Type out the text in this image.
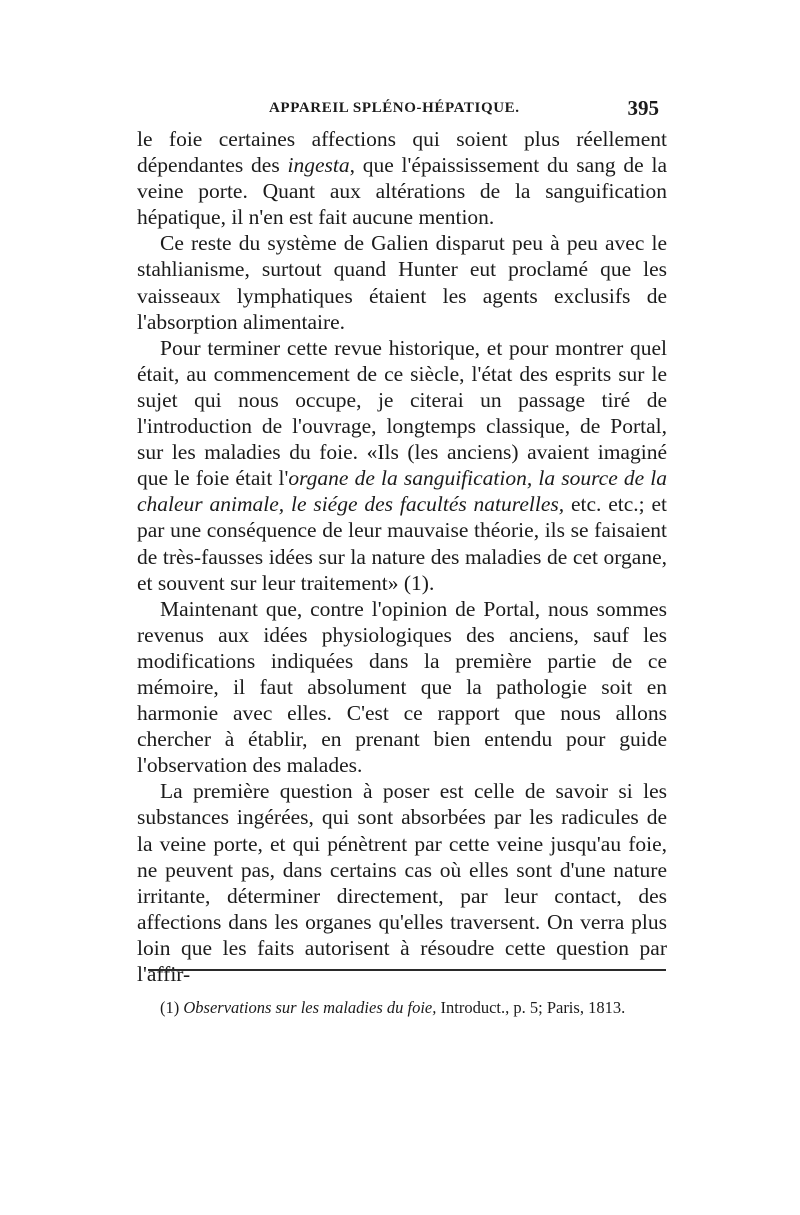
APPAREIL SPLÉNO-HÉPATIQUE.	395

le foie certaines affections qui soient plus réellement dépendantes des ingesta, que l'épaississement du sang de la veine porte. Quant aux altérations de la sanguification hépatique, il n'en est fait aucune mention.

Ce reste du système de Galien disparut peu à peu avec le stahlianisme, surtout quand Hunter eut proclamé que les vaisseaux lymphatiques étaient les agents exclusifs de l'absorption alimentaire.

Pour terminer cette revue historique, et pour montrer quel était, au commencement de ce siècle, l'état des esprits sur le sujet qui nous occupe, je citerai un passage tiré de l'introduction de l'ouvrage, longtemps classique, de Portal, sur les maladies du foie. «Ils (les anciens) avaient imaginé que le foie était l'organe de la sanguification, la source de la chaleur animale, le siége des facultés naturelles, etc. etc.; et par une conséquence de leur mauvaise théorie, ils se faisaient de très-fausses idées sur la nature des maladies de cet organe, et souvent sur leur traitement» (1).

Maintenant que, contre l'opinion de Portal, nous sommes revenus aux idées physiologiques des anciens, sauf les modifications indiquées dans la première partie de ce mémoire, il faut absolument que la pathologie soit en harmonie avec elles. C'est ce rapport que nous allons chercher à établir, en prenant bien entendu pour guide l'observation des malades.

La première question à poser est celle de savoir si les substances ingérées, qui sont absorbées par les radicules de la veine porte, et qui pénètrent par cette veine jusqu'au foie, ne peuvent pas, dans certains cas où elles sont d'une nature irritante, déterminer directement, par leur contact, des affections dans les organes qu'elles traversent. On verra plus loin que les faits autorisent à résoudre cette question par l'affir-

(1) Observations sur les maladies du foie, Introduct., p. 5; Paris, 1813.
